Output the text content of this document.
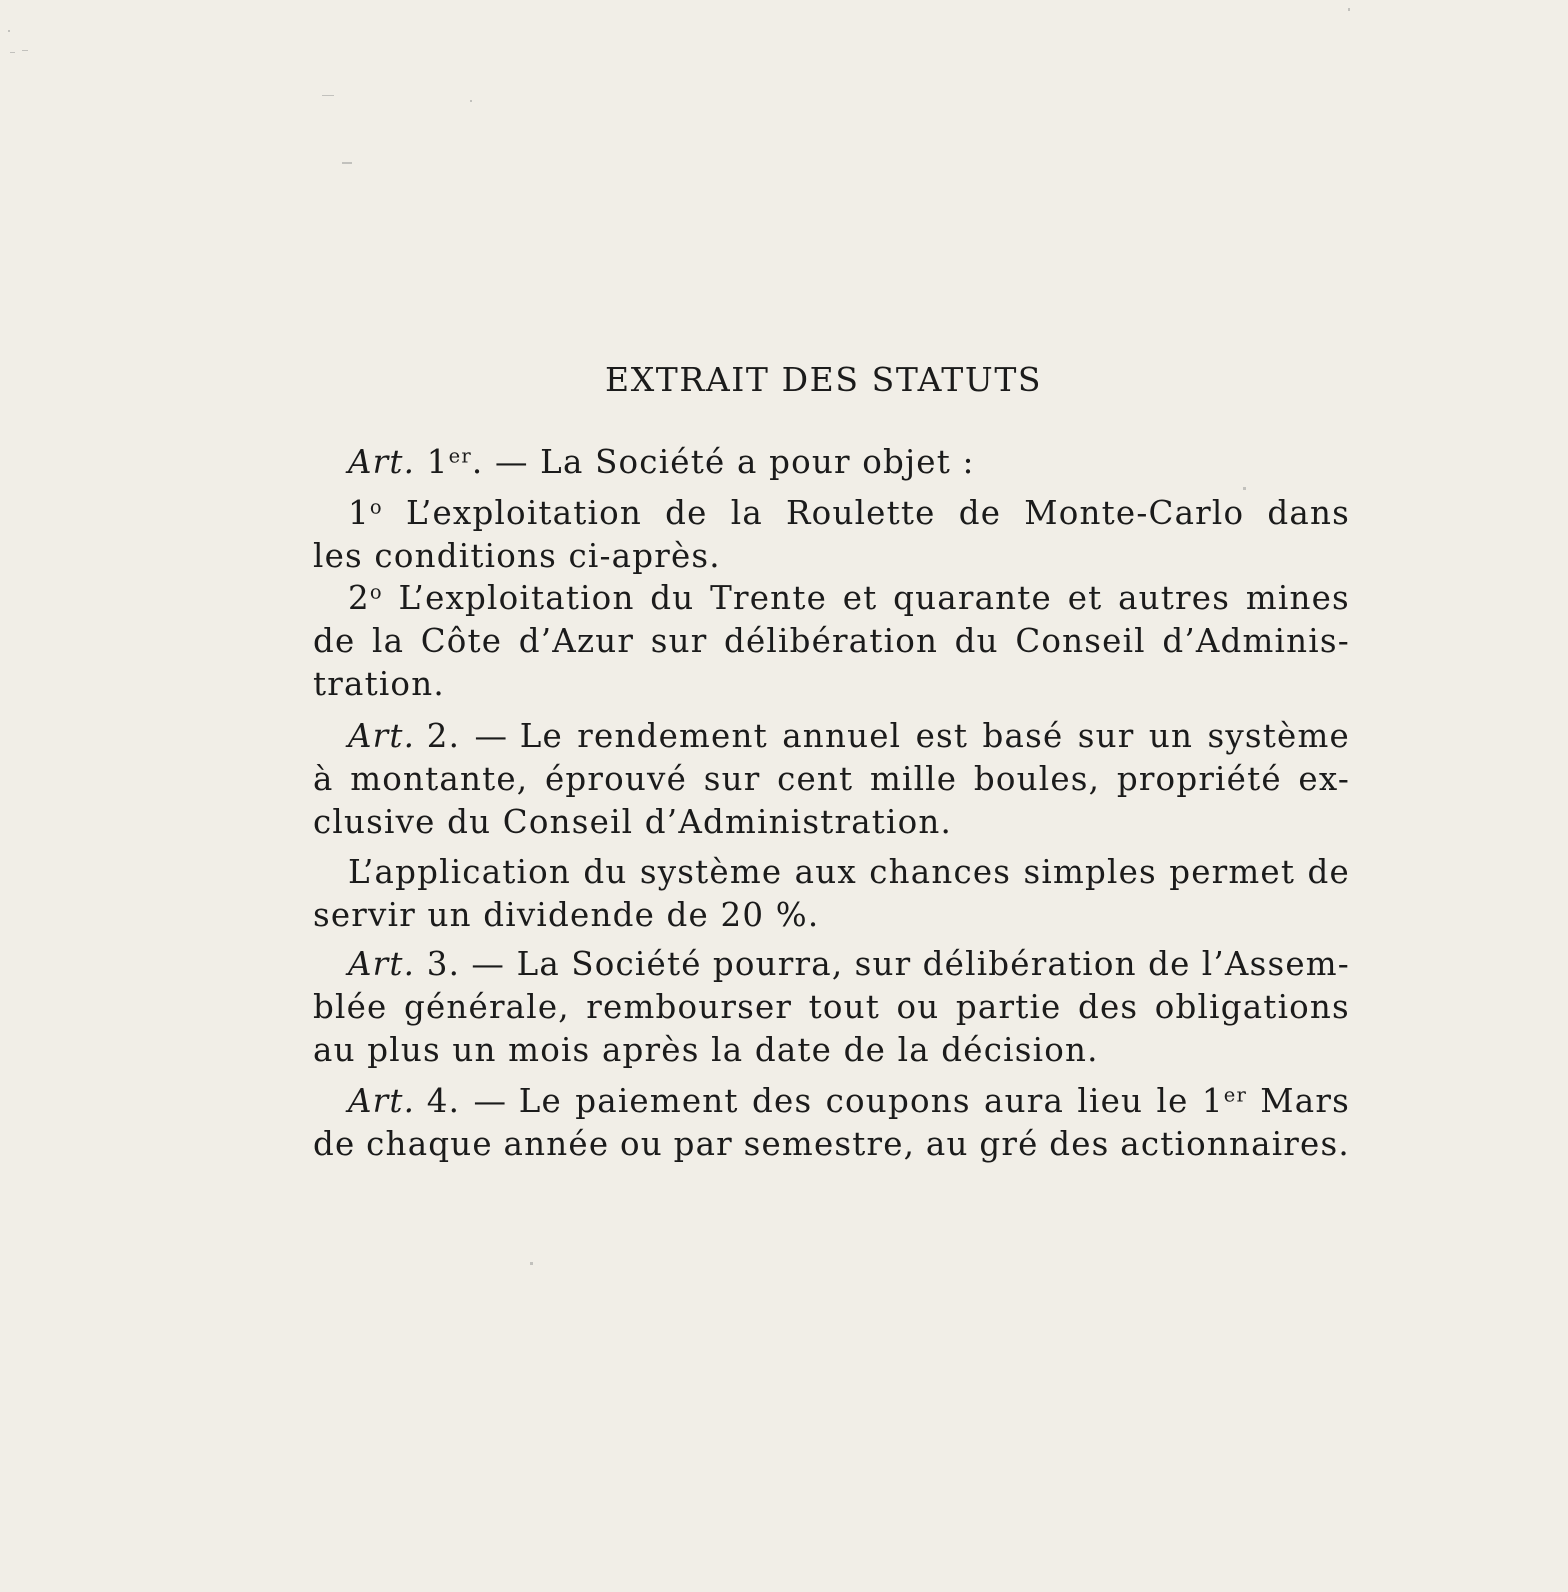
EXTRAIT DES STATUTS
Art. 1er. — La Société a pour objet :
1$^o$ L’exploitation de la Roulette de Monte-Carlo dans
les conditions ci-après.
2$^o$ L’exploitation du Trente et quarante et autres mines
de la Côte d’Azur sur délibération du Conseil d’Adminis-
tration.
Art. 2. — Le rendement annuel est basé sur un système
à montante, éprouvé sur cent mille boules, propriété ex-
clusive du Conseil d’Administration.
L’application du système aux chances simples permet de
servir un dividende de 20 %.
Art. 3. — La Société pourra, sur délibération de l’Assem-
blée générale, rembourser tout ou partie des obligations
au plus un mois après la date de la décision.
Art. 4. — Le paiement des coupons aura lieu le 1er Mars
de chaque année ou par semestre, au gré des actionnaires.
